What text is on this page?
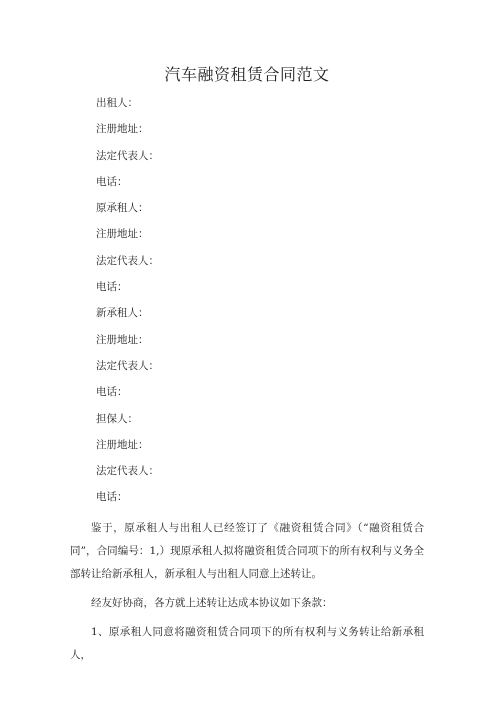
汽车融资租赁合同范文
出租人：
注册地址：
法定代表人：
电话：
原承租人：
注册地址：
法定代表人：
电话：
新承租人：
注册地址：
法定代表人：
电话：
担保人：
注册地址：
法定代表人：
电话：
鉴于，原承租人与出租人已经签订了《融资租赁合同》（“融资租赁合同”，合同编号：1,）现原承租人拟将融资租赁合同项下的所有权利与义务全部转让给新承租人，新承租人与出租人同意上述转让。
经友好协商，各方就上述转让达成本协议如下条款：
1、原承租人同意将融资租赁合同项下的所有权利与义务转让给新承租人，
